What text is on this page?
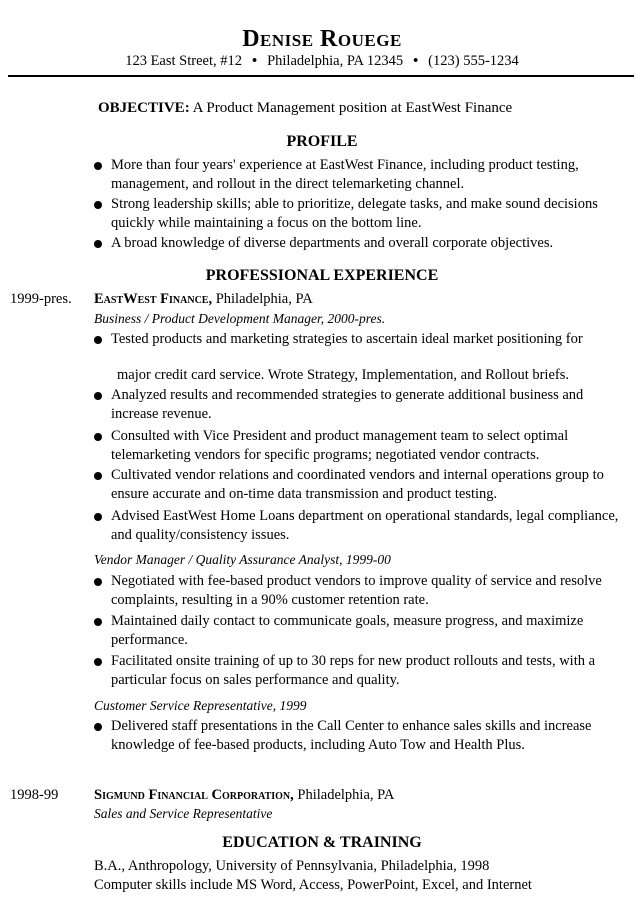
Denise Rouege
123 East Street, #12 • Philadelphia, PA 12345 • (123) 555-1234
OBJECTIVE: A Product Management position at EastWest Finance
PROFILE
More than four years' experience at EastWest Finance, including product testing, management, and rollout in the direct telemarketing channel.
Strong leadership skills; able to prioritize, delegate tasks, and make sound decisions quickly while maintaining a focus on the bottom line.
A broad knowledge of diverse departments and overall corporate objectives.
PROFESSIONAL EXPERIENCE
1999-pres. EastWest Finance, Philadelphia, PA
Business / Product Development Manager, 2000-pres.
Tested products and marketing strategies to ascertain ideal market positioning for
major credit card service. Wrote Strategy, Implementation, and Rollout briefs.
Analyzed results and recommended strategies to generate additional business and increase revenue.
Consulted with Vice President and product management team to select optimal telemarketing vendors for specific programs; negotiated vendor contracts.
Cultivated vendor relations and coordinated vendors and internal operations group to ensure accurate and on-time data transmission and product testing.
Advised EastWest Home Loans department on operational standards, legal compliance, and quality/consistency issues.
Vendor Manager / Quality Assurance Analyst, 1999-00
Negotiated with fee-based product vendors to improve quality of service and resolve complaints, resulting in a 90% customer retention rate.
Maintained daily contact to communicate goals, measure progress, and maximize performance.
Facilitated onsite training of up to 30 reps for new product rollouts and tests, with a particular focus on sales performance and quality.
Customer Service Representative, 1999
Delivered staff presentations in the Call Center to enhance sales skills and increase knowledge of fee-based products, including Auto Tow and Health Plus.
1998-99 Sigmund Financial Corporation, Philadelphia, PA
Sales and Service Representative
EDUCATION & TRAINING
B.A., Anthropology, University of Pennsylvania, Philadelphia, 1998
Computer skills include MS Word, Access, PowerPoint, Excel, and Internet
